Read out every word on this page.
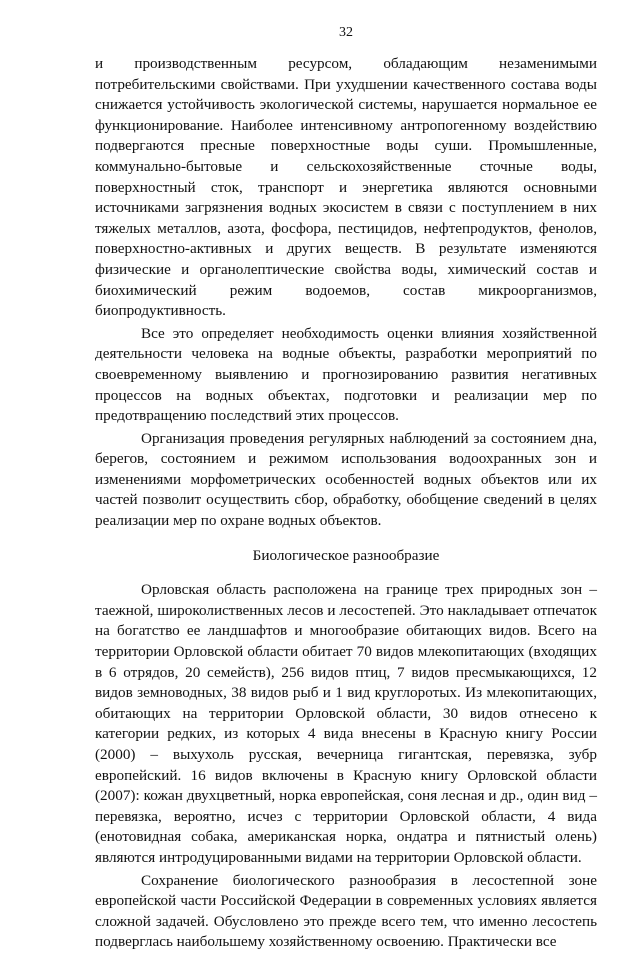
32

и производственным ресурсом, обладающим незаменимыми потребительскими свойствами. При ухудшении качественного состава воды снижается устойчивость экологической системы, нарушается нормальное ее функционирование. Наиболее интенсивному антропогенному воздействию подвергаются пресные поверхностные воды суши. Промышленные, коммунально-бытовые и сельскохозяйственные сточные воды, поверхностный сток, транспорт и энергетика являются основными источниками загрязнения водных экосистем в связи с поступлением в них тяжелых металлов, азота, фосфора, пестицидов, нефтепродуктов, фенолов, поверхностно-активных и других веществ. В результате изменяются физические и органолептические свойства воды, химический состав и биохимический режим водоемов, состав микроорганизмов, биопродуктивность.

Все это определяет необходимость оценки влияния хозяйственной деятельности человека на водные объекты, разработки мероприятий по своевременному выявлению и прогнозированию развития негативных процессов на водных объектах, подготовки и реализации мер по предотвращению последствий этих процессов.

Организация проведения регулярных наблюдений за состоянием дна, берегов, состоянием и режимом использования водоохранных зон и изменениями морфометрических особенностей водных объектов или их частей позволит осуществить сбор, обработку, обобщение сведений в целях реализации мер по охране водных объектов.

Биологическое разнообразие

Орловская область расположена на границе трех природных зон – таежной, широколиственных лесов и лесостепей. Это накладывает отпечаток на богатство ее ландшафтов и многообразие обитающих видов. Всего на территории Орловской области обитает 70 видов млекопитающих (входящих в 6 отрядов, 20 семейств), 256 видов птиц, 7 видов пресмыкающихся, 12 видов земноводных, 38 видов рыб и 1 вид круглоротых. Из млекопитающих, обитающих на территории Орловской области, 30 видов отнесено к категории редких, из которых 4 вида внесены в Красную книгу России (2000) – выхухоль русская, вечерница гигантская, перевязка, зубр европейский. 16 видов включены в Красную книгу Орловской области (2007): кожан двухцветный, норка европейская, соня лесная и др., один вид – перевязка, вероятно, исчез с территории Орловской области, 4 вида (енотовидная собака, американская норка, ондатра и пятнистый олень) являются интродуцированными видами на территории Орловской области.

Сохранение биологического разнообразия в лесостепной зоне европейской части Российской Федерации в современных условиях является сложной задачей. Обусловлено это прежде всего тем, что именно лесостепь подверглась наибольшему хозяйственному освоению. Практически все
